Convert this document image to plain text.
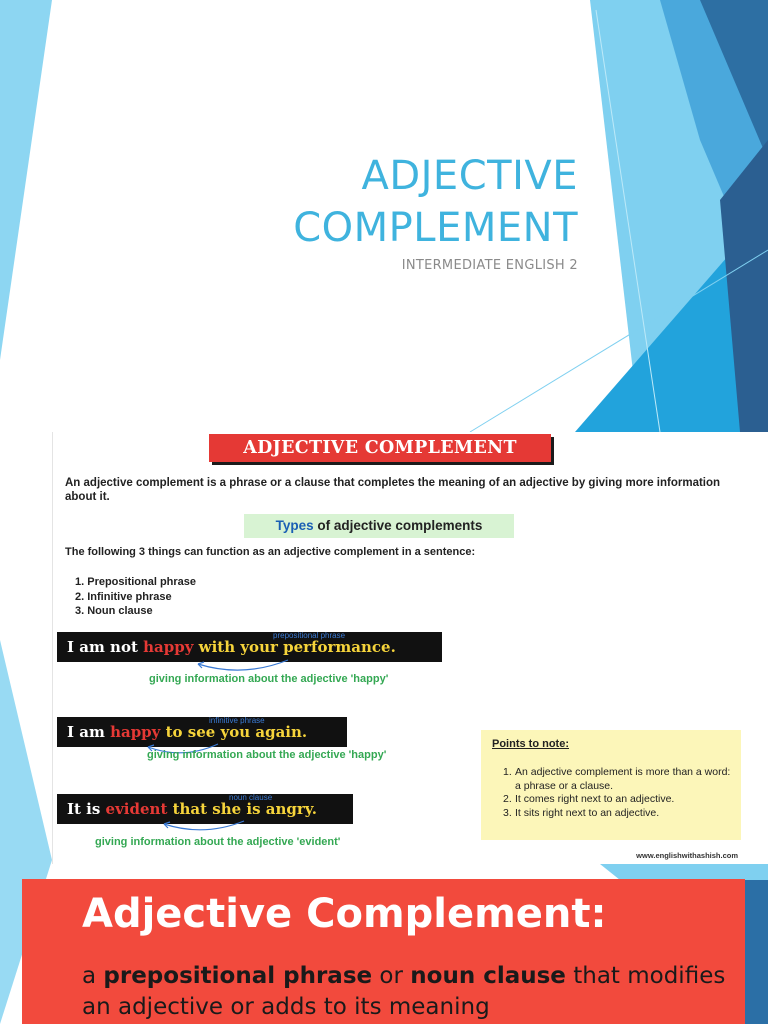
ADJECTIVE
COMPLEMENT
INTERMEDIATE ENGLISH 2
ADJECTIVE COMPLEMENT
An adjective complement is a phrase or a clause that completes the meaning of an adjective by giving more information about it.
Types of adjective complements
The following 3 things can function as an adjective complement in a sentence:
1. Prepositional phrase
2. Infinitive phrase
3. Noun clause
I am not happy with your performance.
prepositional phrase
giving information about the adjective 'happy'
I am happy to see you again.
infinitive phrase
giving information about the adjective 'happy'
It is evident that she is angry.
noun clause
giving information about the adjective 'evident'
Points to note:
1. An adjective complement is more than a word: a phrase or a clause.
2. It comes right next to an adjective.
3. It sits right next to an adjective.
www.englishwithashish.com
Adjective Complement:
a prepositional phrase or noun clause that modifies an adjective or adds to its meaning
